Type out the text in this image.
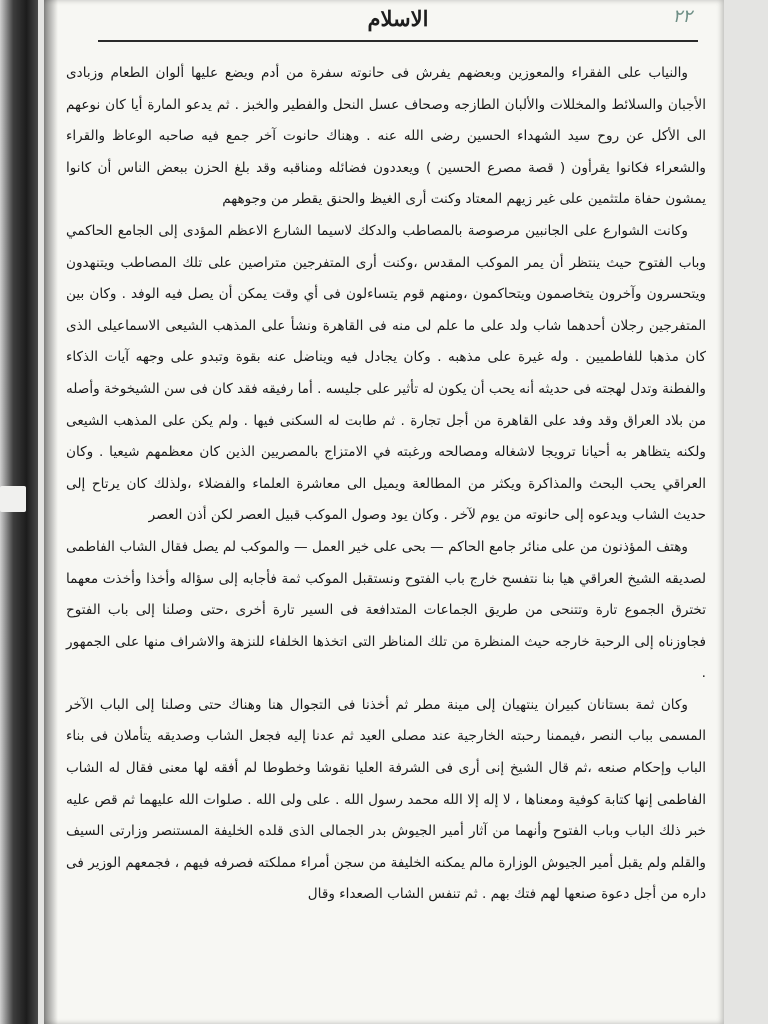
٢٢
الاسلام

والنياب على الفقراء والمعوزين وبعضهم يفرش فى حانوته سفرة من أدم ويضع عليها ألوان الطعام وزبادى الأجبان والسلائط والمخللات والألبان الطازجه وصحاف عسل النحل والفطير والخبز . ثم يدعو المارة أيا كان نوعهم الى الأكل عن روح سيد الشهداء الحسين رضى الله عنه . وهناك حانوت آخر جمع فيه صاحبه الوعاظ والقراء والشعراء فكانوا يقرأون ( قصة مصرع الحسين ) ويعددون فضائله ومناقبه وقد بلغ الحزن ببعض الناس أن كانوا يمشون حفاة ملتثمين على غير زيهم المعتاد وكنت أرى الغيظ والحنق يقطر من وجوههم

وكانت الشوارع على الجانبين مرصوصة بالمصاطب والدكك لاسيما الشارع الاعظم المؤدى إلى الجامع الحاكمي وباب الفتوح حيث ينتظر أن يمر الموكب المقدس ،وكنت أرى المتفرجين متراصين على تلك المصاطب ويتنهدون ويتحسرون وآخرون يتخاصمون ويتحاكمون ،ومنهم قوم يتساءلون فى أي وقت يمكن أن يصل فيه الوفد . وكان بين المتفرجين رجلان أحدهما شاب ولد على ما علم لى منه فى القاهرة ونشأ على المذهب الشيعى الاسماعيلى الذى كان مذهبا للفاطميين . وله غيرة على مذهبه . وكان يجادل فيه ويناضل عنه بقوة وتبدو على وجهه آيات الذكاء والفطنة وتدل لهجته فى حديثه أنه يحب أن يكون له تأثير على جليسه . أما رفيقه فقد كان فى سن الشيخوخة وأصله من بلاد العراق وقد وفد على القاهرة من أجل تجارة . ثم طابت له السكنى فيها . ولم يكن على المذهب الشيعى ولكنه يتظاهر به أحيانا ترويجا لاشغاله ومصالحه ورغبته في الامتزاج بالمصريين الذين كان معظمهم شيعيا . وكان العراقي يحب البحث والمذاكرة ويكثر من المطالعة ويميل الى معاشرة العلماء والفضلاء ،ولذلك كان يرتاح إلى حديث الشاب ويدعوه إلى حانوته من يوم لآخر . وكان يود وصول الموكب قبيل العصر لكن أذن العصر

وهتف المؤذنون من على منائر جامع الحاكم — بحى على خير العمل — والموكب لم يصل فقال الشاب الفاطمى لصديقه الشيخ العراقي هيا بنا نتفسح خارج باب الفتوح ونستقبل الموكب ثمة فأجابه إلى سؤاله وأخذا وأخذت معهما تخترق الجموع تارة وتتنحى من طريق الجماعات المتدافعة فى السير تارة أخرى ،حتى وصلنا إلى باب الفتوح فجاوزناه إلى الرحبة خارجه حيث المنظرة من تلك المناظر التى اتخذها الخلفاء للنزهة والاشراف منها على الجمهور .

وكان ثمة بستانان كبيران ينتهيان إلى مينة مطر ثم أخذنا فى التجوال هنا وهناك حتى وصلنا إلى الباب الآخر المسمى بباب النصر ،فيممنا رحبته الخارجية عند مصلى العيد ثم عدنا إليه فجعل الشاب وصديقه يتأملان فى بناء الباب وإحكام صنعه ،ثم قال الشيخ إنى أرى فى الشرفة العليا نقوشا وخطوطا لم أفقه لها معنى فقال له الشاب الفاطمى إنها كتابة كوفية ومعناها ، لا إله إلا الله محمد رسول الله . على ولى الله . صلوات الله عليهما ثم قص عليه خبر ذلك الباب وباب الفتوح وأنهما من آثار أمير الجيوش بدر الجمالى الذى قلده الخليفة المستنصر وزارتى السيف والقلم ولم يقبل أمير الجيوش الوزارة مالم يمكنه الخليفة من سجن أمراء مملكته فصرفه فيهم ، فجمعهم الوزير فى داره من أجل دعوة صنعها لهم فتك بهم . ثم تنفس الشاب الصعداء وقال
